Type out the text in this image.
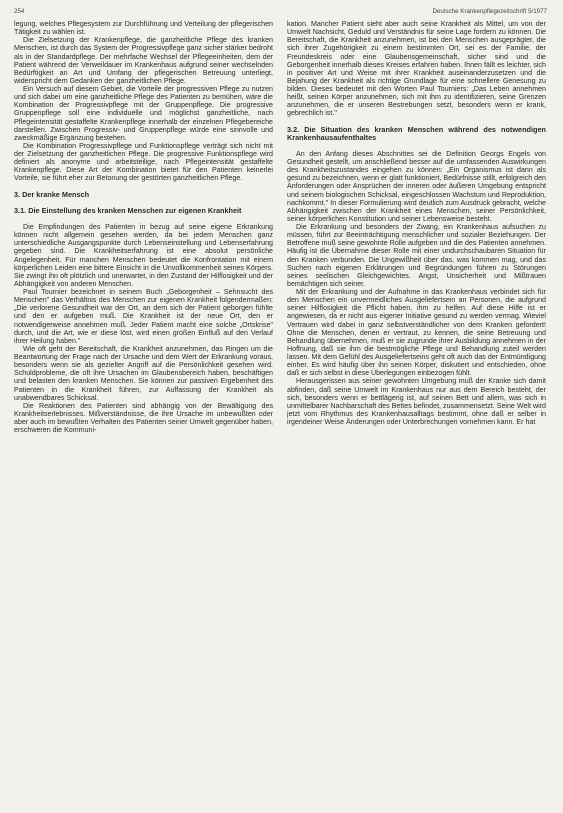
254	Deutsche Krankenpflegezeitschrift 5/1977

legung, welches Pflegesystem zur Durchführung und Verteilung der pflegerischen Tätigkeit zu wählen ist.

Die Zielsetzung der Krankenpflege, die ganzheitliche Pflege des kranken Menschen, ist durch das System der Progressivpflege ganz sicher stärker bedroht als in der Standardpflege. Der mehrfache Wechsel der Pflegeeinheiten, dem der Patient während der Verweildauer im Krankenhaus aufgrund seiner wechselnden Bedürftigkeit an Art und Umfang der pflegerischen Betreuung unterliegt, widerspricht dem Gedanken der ganzheitlichen Pflege.

Ein Versuch auf diesem Gebiet, die Vorteile der progressiven Pflege zu nutzen und sich dabei um eine ganzheitliche Pflege des Patienten zu bemühen, wäre die Kombination der Progressivpflege mit der Gruppenpflege. Die progressive Gruppenpflege soll eine individuelle und möglichst ganzheitliche, nach Pflegeintensität gestaffelte Krankenpflege innerhalb der einzelnen Pflegebereiche darstellen. Zwischen Progressiv- und Gruppenpflege würde eine sinnvolle und zweckmäßige Ergänzung bestehen.

Die Kombination Progressivpflege und Funktionspflege verträgt sich nicht mit der Zielsetzung der ganzheitlichen Pflege. Die progressive Funktionspflege wird definiert als anonyme und arbeitsteilige, nach Pflegeintensität gestaffelte Krankenpflege. Diese Art der Kombination bietet für den Patienten keinerlei Vorteile, sie führt eher zur Betonung der gestörten ganzheitlichen Pflege.

3. Der kranke Mensch
3.1. Die Einstellung des kranken Menschen zur eigenen Krankheit

Die Empfindungen des Patienten in bezug auf seine eigene Erkrankung können nicht allgemein gesehen werden, da bei jedem Menschen ganz unterschiedliche Ausgangspunkte durch Lebenseinstellung und Lebenserfahrung gegeben sind. Die Krankheitserfahrung ist eine absolut persönliche Angelegenheit. Für manchen Menschen bedeutet die Konfrontation mit einem körperlichen Leiden eine bittere Einsicht in die Unvollkommenheit seines Körpers. Sie zwingt ihn oft plötzlich und unerwartet, in den Zustand der Hilflosigkeit und der Abhängigkeit von anderen Menschen.

Paul Tournier bezeichnet in seinem Buch „Geborgenheit – Sehnsucht des Menschen" das Verhältnis des Menschen zur eigenen Krankheit folgendermaßen: „Die verlorene Gesundheit war der Ort, an dem sich der Patient geborgen fühlte und den er aufgeben muß. Die Krankheit ist der neue Ort, den er notwendigerweise annehmen muß. Jeder Patient macht eine solche „Ortskrise" durch, und die Art, wie er diese löst, wird einen großen Einfluß auf den Verlauf ihrer Heilung haben."

Wie oft geht der Bereitschaft, die Krankheit anzunehmen, das Ringen um die Beantwortung der Frage nach der Ursache und dem Wert der Erkrankung voraus, besonders wenn sie als gezielter Angriff auf die Persönlichkeit gesehen wird. Schuldprobleme, die oft ihre Ursachen im Glaubensbereich haben, beschäftigen und belasten den kranken Menschen. Sie können zur passiven Ergebenheit des Patienten in die Krankheit führen, zur Auffassung der Krankheit als unabwendbares Schicksal.

Die Reaktionen des Patienten sind abhängig von der Bewältigung des Krankheitserlebnisses. Mißverständnisse, die ihre Ursache im unbewußten oder aber auch im bewußten Verhalten des Patienten seiner Umwelt gegenüber haben, erschweren die Kommuni-

kation. Mancher Patient sieht aber auch seine Krankheit als Mittel, um von der Umwelt Nachsicht, Geduld und Verständnis für seine Lage fordern zu können. Die Bereitschaft, die Krankheit anzunehmen, ist bei den Menschen ausgeprägter, die sich ihrer Zugehörigkeit zu einem bestimmten Ort, sei es der Familie, der Freundeskreis oder eine Glaubensgemeinschaft, sicher sind und die Geborgenheit innerhalb dieses Kreises erfahren haben. Ihnen fällt es leichter, sich in positiver Art und Weise mit ihrer Krankheit auseinanderzusetzen und die Bejahung der Krankheit als richtige Grundlage für eine schnellere Genesung zu bilden. Dieses bedeutet mit den Worten Paul Tourniers: „Das Leben annehmen heißt, seinen Körper anzunehmen, sich mit ihm zu identifizieren, seine Grenzen anzunehmen, die er unseren Bestrebungen setzt, besonders wenn er krank, gebrechlich ist."

3.2. Die Situation des kranken Menschen während des notwendigen Krankenhausaufenthaltes

An den Anfang dieses Abschnittes sei die Definition Georgs Engels von Gesundheit gestellt, um anschließend besser auf die umfassenden Auswirkungen des Krankheitszustandes eingehen zu können: „Ein Organismus ist dann als gesund zu bezeichnen, wenn er glatt funktioniert, Bedürfnisse stillt, erfolgreich den Anforderungen oder Ansprüchen der inneren oder äußeren Umgebung entspricht und seinem biologischen Schicksal, eingeschlossen Wachstum und Reproduktion, nachkommt." In dieser Formulierung wird deutlich zum Ausdruck gebracht, welche Abhängigkeit zwischen der Krankheit eines Menschen, seiner Persönlichkeit, seiner körperlichen Konstitution und seiner Lebensweise besteht.

Die Erkrankung und besonders der Zwang, ein Krankenhaus aufsuchen zu müssen, führt zur Beeinträchtigung menschlicher und sozialer Beziehungen. Der Betroffene muß seine gewohnte Rolle aufgeben und die des Patienten annehmen. Häufig ist die Übernahme dieser Rolle mit einer undurchschaubaren Situation für den Kranken verbunden. Die Ungewißheit über das, was kommen mag, und das Suchen nach eigenen Erklärungen und Begründungen führen zu Störungen seines seelischen Gleichgewichtes. Angst, Unsicherheit und Mißtrauen bemächtigen sich seiner.

Mit der Erkrankung und der Aufnahme in das Krankenhaus verbindet sich für den Menschen ein unvermeidliches Ausgeliefertsein an Personen, die aufgrund seiner Hilflosigkeit die Pflicht haben, ihm zu helfen. Auf diese Hilfe ist er angewiesen, da er nicht aus eigener Initiative gesund zu werden vermag. Wieviel Vertrauen wird dabei in ganz selbstverständlicher von dem Kranken gefordert! Ohne die Menschen, denen er vertraut, zu kennen, die seine Betreuung und Behandlung übernehmen, muß er sie zugrunde ihrer Ausbildung annehmen in der Hoffnung, daß sie ihm die bestmögliche Pflege und Behandlung zuteil werden lassen. Mit dem Gefühl des Ausgeliefertseins geht oft auch das der Entmündigung einher. Es wird häufig über ihn seinen Körper, diskutiert und entschieden, ohne daß er sich selbst in diese Überlegungen einbezogen fühlt.

Herausgerissen aus seiner gewohnten Umgebung muß der Kranke sich damit abfinden, daß seine Umwelt im Krankenhaus nur aus dem Bereich besteht, der sich, besonders wenn er bettlägerig ist, auf seinen Bett und allem, was sich in unmittelbarer Nachbarschaft des Bettes befindet, zusammensetzt. Seine Welt wird jetzt vom Rhythmus des Krankenhausalltags bestimmt, ohne daß er selber in irgendeiner Weise Änderungen oder Unterbrechungen vornehmen kann. Er hat
